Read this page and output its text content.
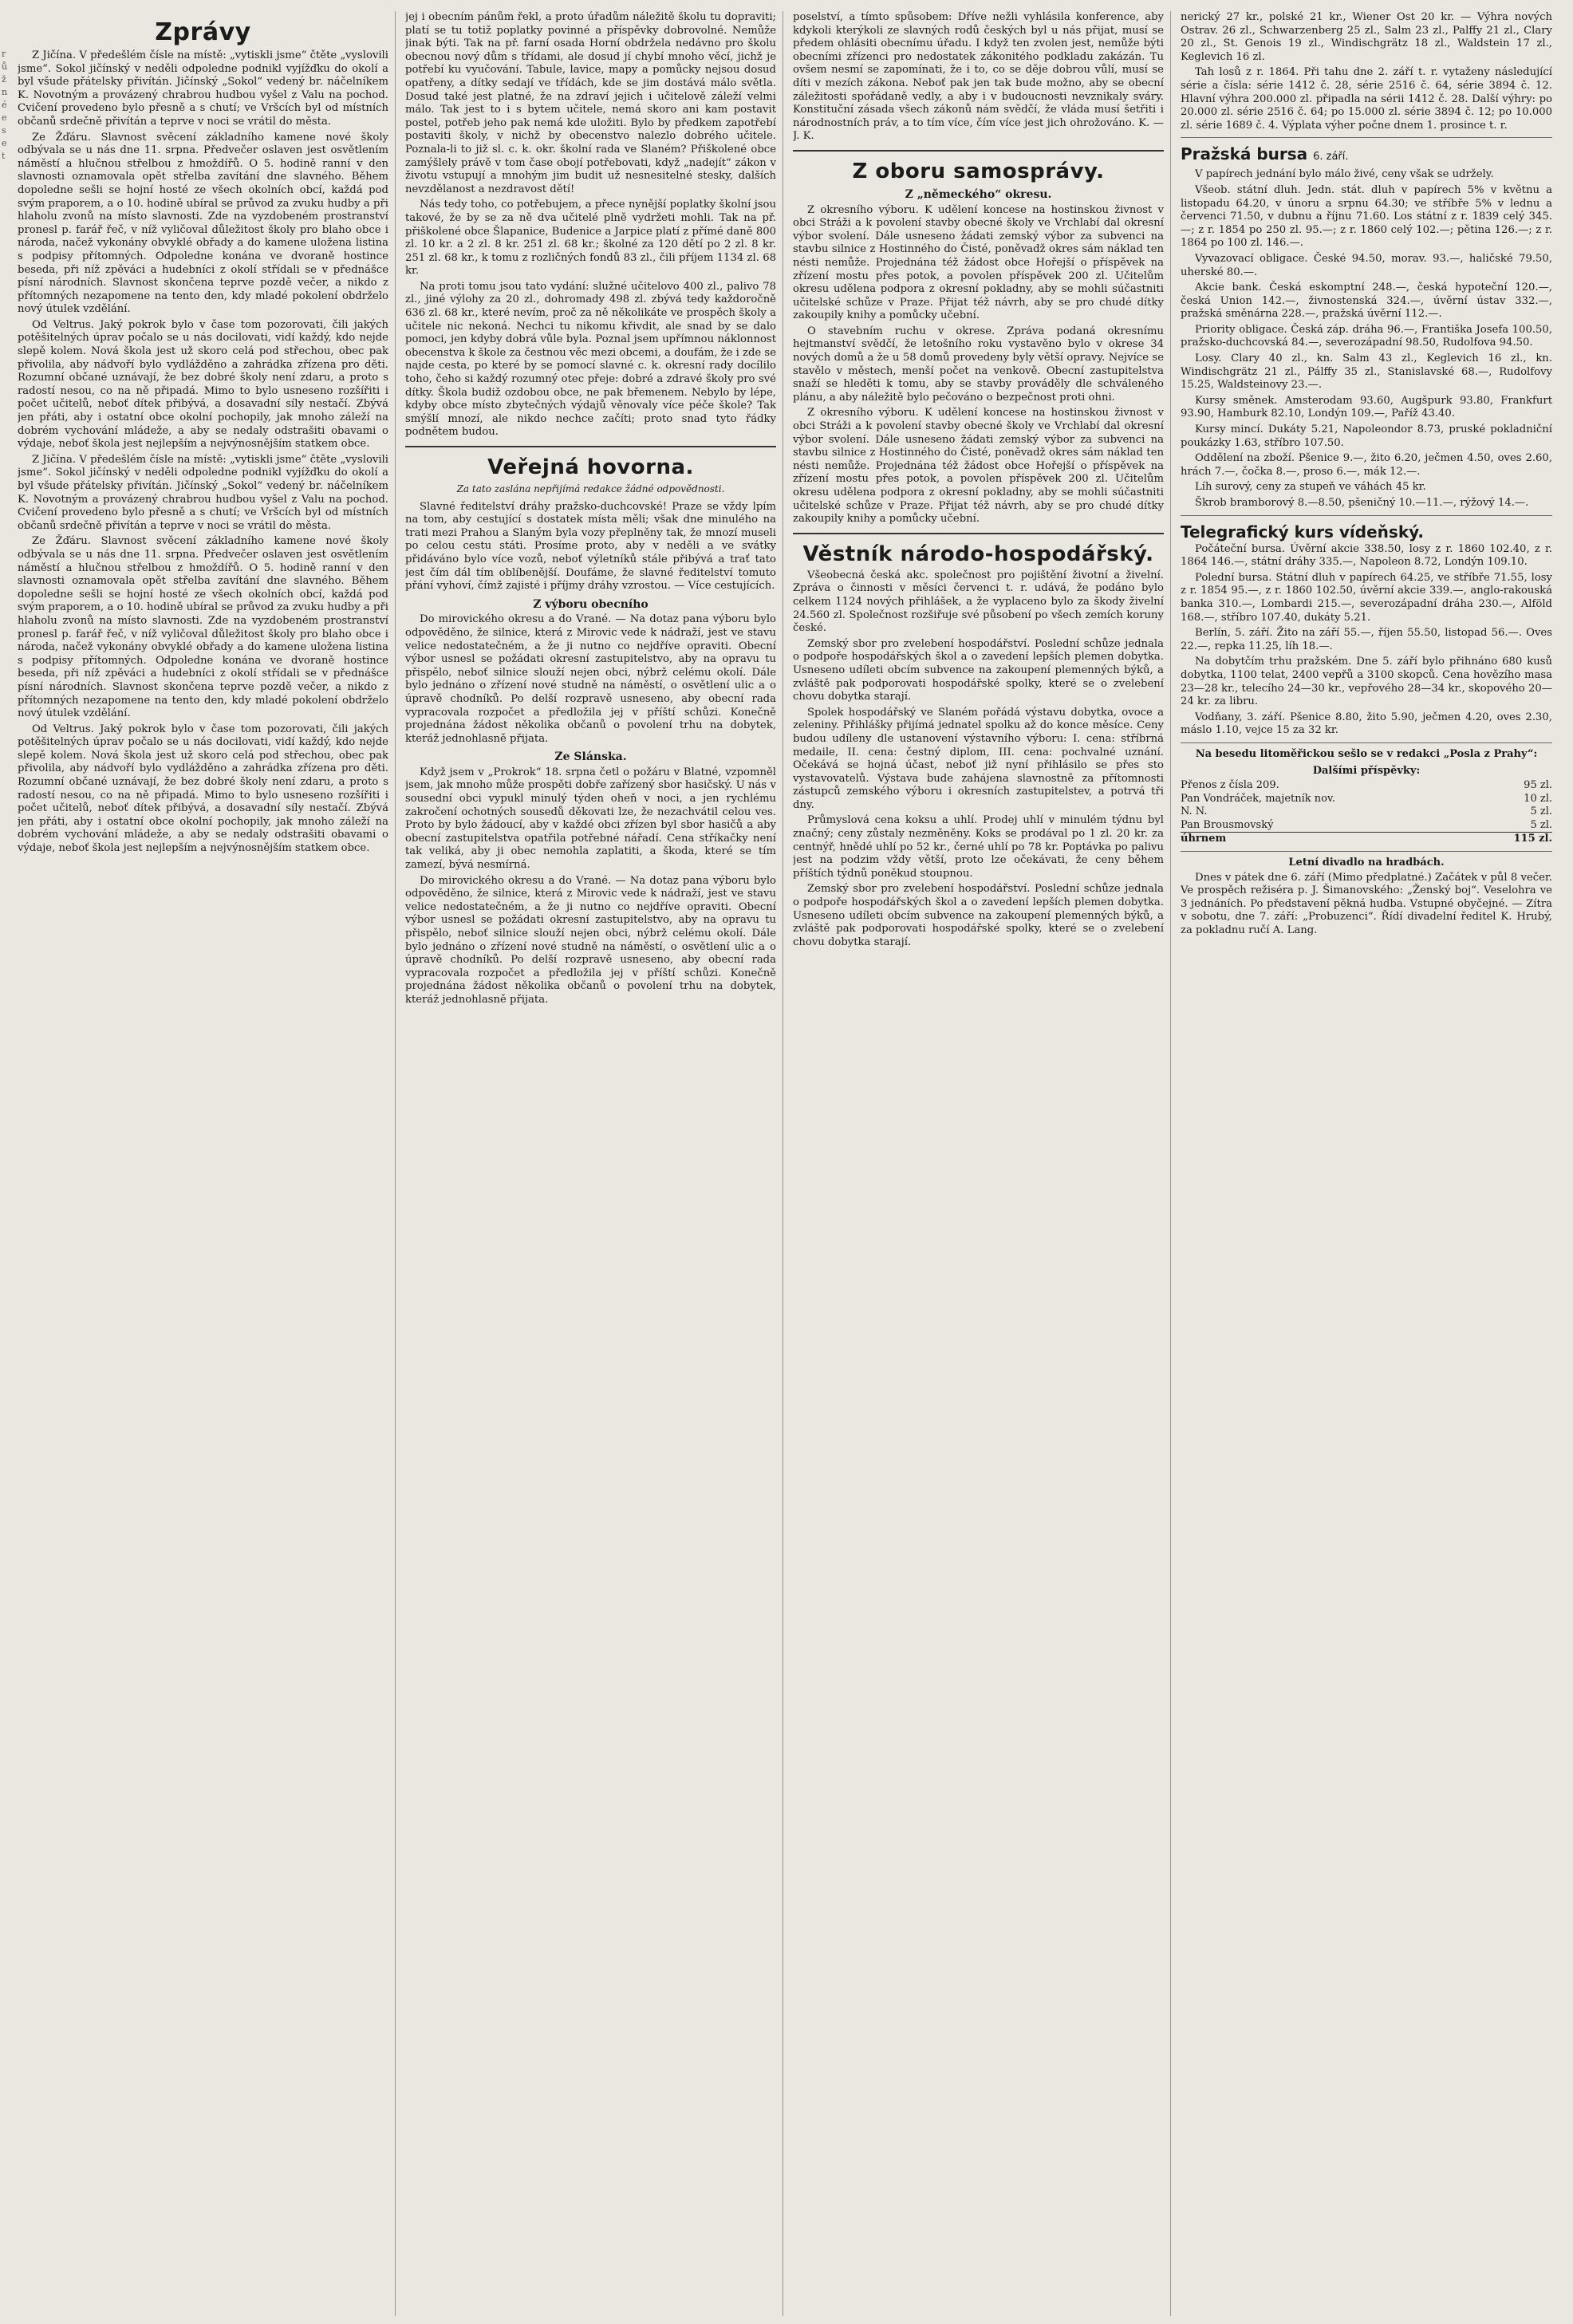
r
ů
ž
n
é
e
s
e
t
Zprávy

Z Jičína. V předešlém čísle na místě: „vytiskli jsme“ čtěte „vyslovili jsme“. Sokol jičínský v neděli odpoledne podnikl vyjížďku do okolí a byl všude přátelsky přivítán. Jičínský „Sokol“ vedený br. náčelníkem K. Novotným a provázený chrabrou hudbou vyšel z Valu na pochod. Cvičení provedeno bylo přesně a s chutí; ve Vršcích byl od místních občanů srdečně přivítán a teprve v noci se vrátil do města.

Ze Žďáru. Slavnost svěcení základního kamene nové školy odbývala se u nás dne 11. srpna. Předvečer oslaven jest osvětlením náměstí a hlučnou střelbou z hmoždířů. O 5. hodině ranní v den slavnosti oznamovala opět střelba zavítání dne slavného. Během dopoledne sešli se hojní hosté ze všech okolních obcí, každá pod svým praporem, a o 10. hodině ubíral se průvod za zvuku hudby a při hlaholu zvonů na místo slavnosti. Zde na vyzdobeném prostranství pronesl p. farář řeč, v níž vyličoval důležitost školy pro blaho obce i národa, načež vykonány obvyklé obřady a do kamene uložena listina s podpisy přítomných. Odpoledne konána ve dvoraně hostince beseda, při níž zpěváci a hudebníci z okolí střídali se v přednášce písní národních. Slavnost skončena teprve pozdě večer, a nikdo z přítomných nezapomene na tento den, kdy mladé pokolení obdrželo nový útulek vzdělání.

Od Veltrus. Jaký pokrok bylo v čase tom pozorovati, čili jakých potěšitelných úprav počalo se u nás docilovati, vidí každý, kdo nejde slepě kolem. Nová škola jest už skoro celá pod střechou, obec pak přivolila, aby nádvoří bylo vydlážděno a zahrádka zřízena pro děti. Rozumní občané uznávají, že bez dobré školy není zdaru, a proto s radostí nesou, co na ně připadá. Mimo to bylo usneseno rozšířiti i počet učitelů, neboť dítek přibývá, a dosavadní síly nestačí. Zbývá jen přáti, aby i ostatní obce okolní pochopily, jak mnoho záleží na dobrém vychování mládeže, a aby se nedaly odstrašiti obavami o výdaje, neboť škola jest nejlepším a nejvýnosnějším statkem obce.

Z Jičína. V předešlém čísle na místě: „vytiskli jsme“ čtěte „vyslovili jsme“. Sokol jičínský v neděli odpoledne podnikl vyjížďku do okolí a byl všude přátelsky přivítán. Jičínský „Sokol“ vedený br. náčelníkem K. Novotným a provázený chrabrou hudbou vyšel z Valu na pochod. Cvičení provedeno bylo přesně a s chutí; ve Vršcích byl od místních občanů srdečně přivítán a teprve v noci se vrátil do města.

Ze Žďáru. Slavnost svěcení základního kamene nové školy odbývala se u nás dne 11. srpna. Předvečer oslaven jest osvětlením náměstí a hlučnou střelbou z hmoždířů. O 5. hodině ranní v den slavnosti oznamovala opět střelba zavítání dne slavného. Během dopoledne sešli se hojní hosté ze všech okolních obcí, každá pod svým praporem, a o 10. hodině ubíral se průvod za zvuku hudby a při hlaholu zvonů na místo slavnosti. Zde na vyzdobeném prostranství pronesl p. farář řeč, v níž vyličoval důležitost školy pro blaho obce i národa, načež vykonány obvyklé obřady a do kamene uložena listina s podpisy přítomných. Odpoledne konána ve dvoraně hostince beseda, při níž zpěváci a hudebníci z okolí střídali se v přednášce písní národních. Slavnost skončena teprve pozdě večer, a nikdo z přítomných nezapomene na tento den, kdy mladé pokolení obdrželo nový útulek vzdělání.

Od Veltrus. Jaký pokrok bylo v čase tom pozorovati, čili jakých potěšitelných úprav počalo se u nás docilovati, vidí každý, kdo nejde slepě kolem. Nová škola jest už skoro celá pod střechou, obec pak přivolila, aby nádvoří bylo vydlážděno a zahrádka zřízena pro děti. Rozumní občané uznávají, že bez dobré školy není zdaru, a proto s radostí nesou, co na ně připadá. Mimo to bylo usneseno rozšířiti i počet učitelů, neboť dítek přibývá, a dosavadní síly nestačí. Zbývá jen přáti, aby i ostatní obce okolní pochopily, jak mnoho záleží na dobrém vychování mládeže, a aby se nedaly odstrašiti obavami o výdaje, neboť škola jest nejlepším a nejvýnosnějším statkem obce.

jej i obecním pánům řekl, a proto úřadům náležitě školu tu dopraviti; platí se tu totiž poplatky povinné a příspěvky dobrovolné. Nemůže jinak býti. Tak na př. farní osada Horní obdržela nedávno pro školu obecnou nový dům s třídami, ale dosud jí chybí mnoho věcí, jichž je potřebí ku vyučování. Tabule, lavice, mapy a pomůcky nejsou dosud opatřeny, a dítky sedají ve třídách, kde se jim dostává málo světla. Dosud také jest platné, že na zdraví jejich i učitelově záleží velmi málo. Tak jest to i s bytem učitele, nemá skoro ani kam postavit postel, potřeb jeho pak nemá kde uložiti. Bylo by předkem zapotřebí postaviti školy, v nichž by obecenstvo nalezlo dobrého učitele. Poznala-li to již sl. c. k. okr. školní rada ve Slaném? Přiškolené obce zamýšlely právě v tom čase obojí potřebovati, když „nadejít“ zákon v životu vstupují a mnohým jim budit už nesnesitelné stesky, dalších nevzdělanost a nezdravost dětí!

Nás tedy toho, co potřebujem, a přece nynější poplatky školní jsou takové, že by se za ně dva učitelé plně vydržeti mohli. Tak na př. přiškolené obce Šlapanice, Budenice a Jarpice platí z přímé daně 800 zl. 10 kr. a 2 zl. 8 kr. 251 zl. 68 kr.; školné za 120 dětí po 2 zl. 8 kr. 251 zl. 68 kr., k tomu z rozličných fondů 83 zl., čili příjem 1134 zl. 68 kr.

Na proti tomu jsou tato vydání: služné učitelovo 400 zl., palivo 78 zl., jiné výlohy za 20 zl., dohromady 498 zl. zbývá tedy každoročně 636 zl. 68 kr., které nevím, proč za ně několikáte ve prospěch školy a učitele nic nekoná. Nechci tu nikomu křivdit, ale snad by se dalo pomoci, jen kdyby dobrá vůle byla. Poznal jsem upřímnou náklonnost obecenstva k škole za čestnou věc mezi obcemi, a doufám, že i zde se najde cesta, po které by se pomocí slavné c. k. okresní rady docílilo toho, čeho si každý rozumný otec přeje: dobré a zdravé školy pro své dítky. Škola budiž ozdobou obce, ne pak břemenem. Nebylo by lépe, kdyby obce místo zbytečných výdajů věnovaly více péče škole? Tak smýšlí mnozí, ale nikdo nechce začíti; proto snad tyto řádky podnětem budou.

Veřejná hovorna.
Za tato zaslána nepřijímá redakce žádné odpovědnosti.

Slavné ředitelství dráhy pražsko-duchcovské! Praze se vždy lpím na tom, aby cestující s dostatek místa měli; však dne minulého na trati mezi Prahou a Slaným byla vozy přeplněny tak, že mnozí museli po celou cestu státi. Prosíme proto, aby v neděli a ve svátky přidáváno bylo více vozů, neboť výletníků stále přibývá a trať tato jest čím dál tím oblíbenější. Doufáme, že slavné ředitelství tomuto přání vyhoví, čímž zajisté i příjmy dráhy vzrostou. — Více cestujících.

Z výboru obecního

Do mirovického okresu a do Vrané. — Na dotaz pana výboru bylo odpověděno, že silnice, která z Mirovic vede k nádraží, jest ve stavu velice nedostatečném, a že ji nutno co nejdříve opraviti. Obecní výbor usnesl se požádati okresní zastupitelstvo, aby na opravu tu přispělo, neboť silnice slouží nejen obci, nýbrž celému okolí. Dále bylo jednáno o zřízení nové studně na náměstí, o osvětlení ulic a o úpravě chodníků. Po delší rozpravě usneseno, aby obecní rada vypracovala rozpočet a předložila jej v příští schůzi. Konečně projednána žádost několika občanů o povolení trhu na dobytek, kteráž jednohlasně přijata.

Ze Slánska.

Když jsem v „Prokrok“ 18. srpna četl o požáru v Blatné, vzpomněl jsem, jak mnoho může prospěti dobře zařízený sbor hasičský. U nás v sousední obci vypukl minulý týden oheň v noci, a jen rychlému zakročení ochotných sousedů děkovati lze, že nezachvátil celou ves. Proto by bylo žádoucí, aby v každé obci zřízen byl sbor hasičů a aby obecní zastupitelstva opatřila potřebné nářadí. Cena stříkačky není tak veliká, aby ji obec nemohla zaplatiti, a škoda, které se tím zamezí, bývá nesmírná.

Do mirovického okresu a do Vrané. — Na dotaz pana výboru bylo odpověděno, že silnice, která z Mirovic vede k nádraží, jest ve stavu velice nedostatečném, a že ji nutno co nejdříve opraviti. Obecní výbor usnesl se požádati okresní zastupitelstvo, aby na opravu tu přispělo, neboť silnice slouží nejen obci, nýbrž celému okolí. Dále bylo jednáno o zřízení nové studně na náměstí, o osvětlení ulic a o úpravě chodníků. Po delší rozpravě usneseno, aby obecní rada vypracovala rozpočet a předložila jej v příští schůzi. Konečně projednána žádost několika občanů o povolení trhu na dobytek, kteráž jednohlasně přijata.

poselství, a tímto spůsobem: Dříve nežli vyhlásila konference, aby kdykoli kterýkoli ze slavných rodů českých byl u nás přijat, musí se předem ohlásiti obecnímu úřadu. I když ten zvolen jest, nemůže býti obecními zřízenci pro nedostatek zákonitého podkladu zakázán. Tu ovšem nesmí se zapomínati, že i to, co se děje dobrou vůlí, musí se díti v mezích zákona. Neboť pak jen tak bude možno, aby se obecní záležitosti spořádaně vedly, a aby i v budoucnosti nevznikaly sváry. Konstituční zásada všech zákonů nám svědčí, že vláda musí šetřiti i národnostních práv, a to tím více, čím více jest jich ohrožováno. K. — J. K.

Z oboru samosprávy.
Z „německého“ okresu.

Z okresního výboru. K udělení koncese na hostinskou živnost v obci Stráži a k povolení stavby obecné školy ve Vrchlabí dal okresní výbor svolení. Dále usneseno žádati zemský výbor za subvenci na stavbu silnice z Hostinného do Čisté, poněvadž okres sám náklad ten nésti nemůže. Projednána též žádost obce Hořejší o příspěvek na zřízení mostu přes potok, a povolen příspěvek 200 zl. Učitelům okresu udělena podpora z okresní pokladny, aby se mohli súčastniti učitelské schůze v Praze. Přijat též návrh, aby se pro chudé dítky zakoupily knihy a pomůcky učební.

O stavebním ruchu v okrese. Zpráva podaná okresnímu hejtmanství svědčí, že letošního roku vystavěno bylo v okrese 34 nových domů a že u 58 domů provedeny byly větší opravy. Nejvíce se stavělo v městech, menší počet na venkově. Obecní zastupitelstva snaží se hleděti k tomu, aby se stavby prováděly dle schváleného plánu, a aby náležitě bylo pečováno o bezpečnost proti ohni.

Z okresního výboru. K udělení koncese na hostinskou živnost v obci Stráži a k povolení stavby obecné školy ve Vrchlabí dal okresní výbor svolení. Dále usneseno žádati zemský výbor za subvenci na stavbu silnice z Hostinného do Čisté, poněvadž okres sám náklad ten nésti nemůže. Projednána též žádost obce Hořejší o příspěvek na zřízení mostu přes potok, a povolen příspěvek 200 zl. Učitelům okresu udělena podpora z okresní pokladny, aby se mohli súčastniti učitelské schůze v Praze. Přijat též návrh, aby se pro chudé dítky zakoupily knihy a pomůcky učební.

Věstník národo-hospodářský.

Všeobecná česká akc. společnost pro pojištění životní a živelní. Zpráva o činnosti v měsíci červenci t. r. udává, že podáno bylo celkem 1124 nových přihlášek, a že vyplaceno bylo za škody živelní 24.560 zl. Společnost rozšiřuje své působení po všech zemích koruny české.

Zemský sbor pro zvelebení hospodářství. Poslední schůze jednala o podpoře hospodářských škol a o zavedení lepších plemen dobytka. Usneseno udíleti obcím subvence na zakoupení plemenných býků, a zvláště pak podporovati hospodářské spolky, které se o zvelebení chovu dobytka starají.

Spolek hospodářský ve Slaném pořádá výstavu dobytka, ovoce a zeleniny. Přihlášky přijímá jednatel spolku až do konce měsíce. Ceny budou udíleny dle ustanovení výstavního výboru: I. cena: stříbrná medaile, II. cena: čestný diplom, III. cena: pochvalné uznání. Očekává se hojná účast, neboť již nyní přihlásilo se přes sto vystavovatelů. Výstava bude zahájena slavnostně za přítomnosti zástupců zemského výboru i okresních zastupitelstev, a potrvá tři dny.

Průmyslová cena koksu a uhlí. Prodej uhlí v minulém týdnu byl značný; ceny zůstaly nezměněny. Koks se prodával po 1 zl. 20 kr. za centnýř, hnědé uhlí po 52 kr., černé uhlí po 78 kr. Poptávka po palivu jest na podzim vždy větší, proto lze očekávati, že ceny během příštích týdnů poněkud stoupnou.

Zemský sbor pro zvelebení hospodářství. Poslední schůze jednala o podpoře hospodářských škol a o zavedení lepších plemen dobytka. Usneseno udíleti obcím subvence na zakoupení plemenných býků, a zvláště pak podporovati hospodářské spolky, které se o zvelebení chovu dobytka starají.

nerický 27 kr., polské 21 kr., Wiener Ost 20 kr. — Výhra nových Ostrav. 26 zl., Schwarzenberg 25 zl., Salm 23 zl., Palffy 21 zl., Clary 20 zl., St. Genois 19 zl., Windischgrätz 18 zl., Waldstein 17 zl., Keglevich 16 zl.

Tah losů z r. 1864. Při tahu dne 2. září t. r. vytaženy následující série a čísla: série 1412 č. 28, série 2516 č. 64, série 3894 č. 12. Hlavní výhra 200.000 zl. připadla na sérii 1412 č. 28. Další výhry: po 20.000 zl. série 2516 č. 64; po 15.000 zl. série 3894 č. 12; po 10.000 zl. série 1689 č. 4. Výplata výher počne dnem 1. prosince t. r.

Pražská bursa 6. září.

V papírech jednání bylo málo živé, ceny však se udržely.

Všeob. státní dluh. Jedn. stát. dluh v papírech 5% v květnu a listopadu 64.20, v únoru a srpnu 64.30; ve stříbře 5% v lednu a červenci 71.50, v dubnu a říjnu 71.60. Los státní z r. 1839 celý 345.—; z r. 1854 po 250 zl. 95.—; z r. 1860 celý 102.—; pětina 126.—; z r. 1864 po 100 zl. 146.—.

Vyvazovací obligace. České 94.50, morav. 93.—, haličské 79.50, uherské 80.—.

Akcie bank. Česká eskomptní 248.—, česká hypoteční 120.—, česká Union 142.—, živnostenská 324.—, úvěrní ústav 332.—, pražská směnárna 228.—, pražská úvěrní 112.—.

Priority obligace. Česká záp. dráha 96.—, Františka Josefa 100.50, pražsko-duchcovská 84.—, severozápadní 98.50, Rudolfova 94.50.

Losy. Clary 40 zl., kn. Salm 43 zl., Keglevich 16 zl., kn. Windischgrätz 21 zl., Pálffy 35 zl., Stanislavské 68.—, Rudolfovy 15.25, Waldsteinovy 23.—.

Kursy směnek. Amsterodam 93.60, Augšpurk 93.80, Frankfurt 93.90, Hamburk 82.10, Londýn 109.—, Paříž 43.40.

Kursy mincí. Dukáty 5.21, Napoleondor 8.73, pruské pokladniční poukázky 1.63, stříbro 107.50.

Oddělení na zboží. Pšenice 9.—, žito 6.20, ječmen 4.50, oves 2.60, hrách 7.—, čočka 8.—, proso 6.—, mák 12.—.

Líh surový, ceny za stupeň ve váhách 45 kr.

Škrob bramborový 8.—8.50, pšeničný 10.—11.—, rýžový 14.—.

Telegrafický kurs vídeňský.

Počáteční bursa. Úvěrní akcie 338.50, losy z r. 1860 102.40, z r. 1864 146.—, státní dráhy 335.—, Napoleon 8.72, Londýn 109.10.

Polední bursa. Státní dluh v papírech 64.25, ve stříbře 71.55, losy z r. 1854 95.—, z r. 1860 102.50, úvěrní akcie 339.—, anglo-rakouská banka 310.—, Lombardi 215.—, severozápadní dráha 230.—, Alföld 168.—, stříbro 107.40, dukáty 5.21.

Berlín, 5. září. Žito na září 55.—, říjen 55.50, listopad 56.—. Oves 22.—, repka 11.25, líh 18.—.

Na dobytčím trhu pražském. Dne 5. září bylo přihnáno 680 kusů dobytka, 1100 telat, 2400 vepřů a 3100 skopců. Cena hovězího masa 23—28 kr., telecího 24—30 kr., vepřového 28—34 kr., skopového 20—24 kr. za libru.

Vodňany, 3. září. Pšenice 8.80, žito 5.90, ječmen 4.20, oves 2.30, máslo 1.10, vejce 15 za 32 kr.

Na besedu litoměřickou sešlo se v redakci „Posla z Prahy“:
Dalšími příspěvky:
Přenos z čísla 209.	95 zl.
Pan Vondráček, majetník nov.	10 zl.
N. N.	5 zl.
Pan Brousmovský	5 zl.
úhrnem	115 zl.
Letní divadlo na hradbách.

Dnes v pátek dne 6. září (Mimo předplatné.) Začátek v půl 8 večer. Ve prospěch režiséra p. J. Šimanovského: „Ženský boj“. Veselohra ve 3 jednáních. Po představení pěkná hudba. Vstupné obyčejné. — Zítra v sobotu, dne 7. září: „Probuzenci“. Řídí divadelní ředitel K. Hrubý, za pokladnu ručí A. Lang.
